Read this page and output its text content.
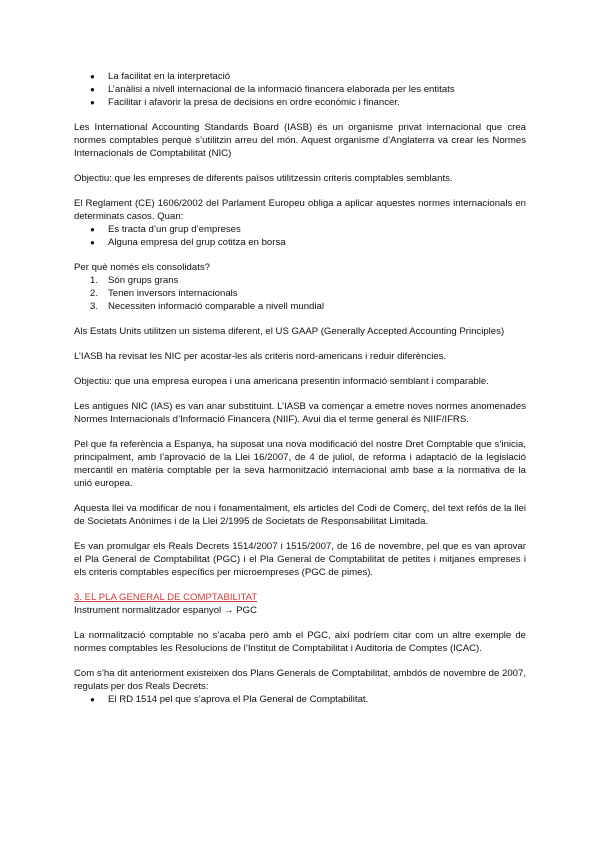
● La facilitat en la interpretació
● L’anàlisi a nivell internacional de la informació financera elaborada per les entitats
● Facilitar i afavorir la presa de decisions en ordre econòmic i financer.

Les International Accounting Standards Board (IASB) és un organisme privat internacional que crea normes comptables perquè s’utilitzin arreu del món. Aquest organisme d’Anglaterra va crear les Normes Internacionals de Comptabilitat (NIC)

Objectiu: que les empreses de diferents països utilitzessin criteris comptables semblants.

El Reglament (CE) 1606/2002 del Parlament Europeu obliga a aplicar aquestes normes internacionals en determinats casos. Quan:

● Es tracta d’un grup d’empreses
● Alguna empresa del grup cotitza en borsa

Per què només els consolidats?

1. Són grups grans
2. Tenen inversors internacionals
3. Necessiten informació comparable a nivell mundial

Als Estats Units utilitzen un sistema diferent, el US GAAP (Generally Accepted Accounting Principles)

L’IASB ha revisat les NIC per acostar-les als criteris nord-americans i reduir diferències.

Objectiu: que una empresa europea i una americana presentin informació semblant i comparable.

Les antigues NIC (IAS) es van anar substituint. L’IASB va començar a emetre noves normes anomenades Normes Internacionals d’Informació Financera (NIIF). Avui dia el terme general és NIIF/IFRS.

Pel que fa referència a Espanya, ha suposat una nova modificació del nostre Dret Comptable que s’inicia, principalment, amb l’aprovació de la Llei 16/2007, de 4 de juliol, de reforma i adaptació de la legislació mercantil en matèria comptable per la seva harmonització internacional amb base a la normativa de la unió europea.

Aquesta llei va modificar de nou i fonamentalment, els articles del Codi de Comerç, del text refós de la llei de Societats Anònimes i de la Llei 2/1995 de Societats de Responsabilitat Limitada.

Es van promulgar els Reals Decrets 1514/2007 i 1515/2007, de 16 de novembre, pel que es van aprovar el Pla General de Comptabilitat (PGC) i el Pla General de Comptabilitat de petites i mitjanes empreses i els criteris comptables específics per microempreses (PGC de pimes).

3. EL PLA GENERAL DE COMPTABILITAT
Instrument normalitzador espanyol → PGC

La normalització comptable no s’acaba però amb el PGC, així podríem citar com un altre exemple de normes comptables les Resolucions de l’Institut de Comptabilitat i Auditoria de Comptes (ICAC).

Com s’ha dit anteriorment existeixen dos Plans Generals de Comptabilitat, ambdós de novembre de 2007, regulats per dos Reals Decrets:

● El RD 1514 pel que s’aprova el Pla General de Comptabilitat.
